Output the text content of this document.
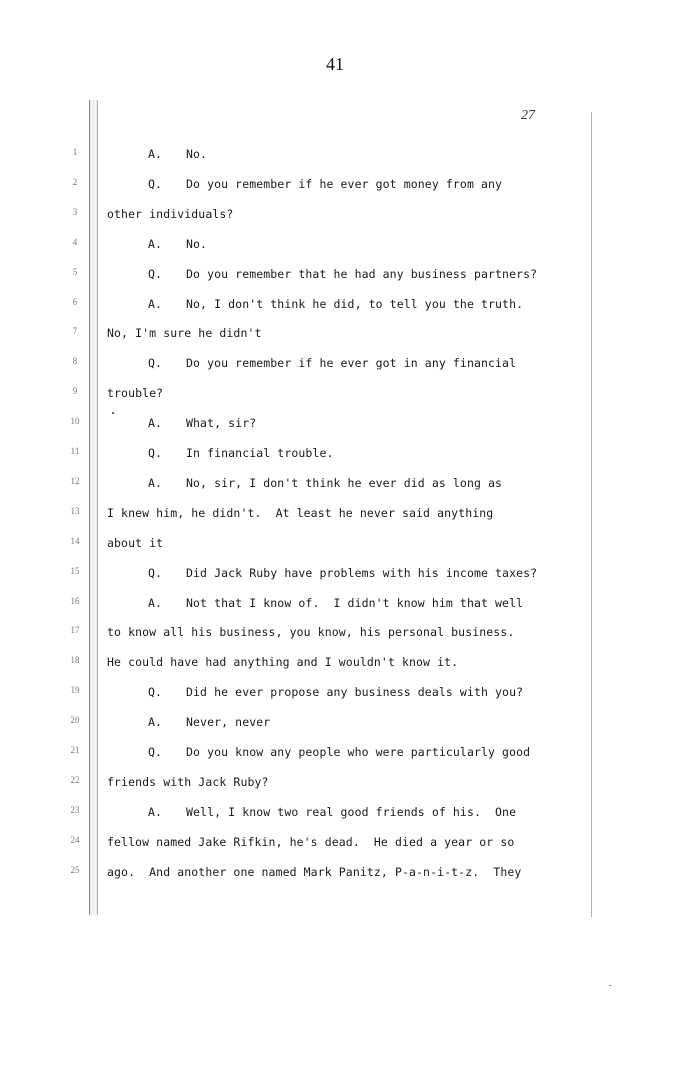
41
27
1
2
3
4
5
6
7
8
9
10
11
12
13
14
15
16
17
18
19
20
21
22
23
24
25
A. No.
Q. Do you remember if he ever got money from any
other individuals?
A. No.
Q. Do you remember that he had any business partners?
A. No, I don't think he did, to tell you the truth.
No, I'm sure he didn't
Q. Do you remember if he ever got in any financial
trouble?
A. What, sir?
Q. In financial trouble.
A. No, sir, I don't think he ever did as long as
I knew him, he didn't.  At least he never said anything
about it
Q. Did Jack Ruby have problems with his income taxes?
A. Not that I know of.  I didn't know him that well
to know all his business, you know, his personal business.
He could have had anything and I wouldn't know it.
Q. Did he ever propose any business deals with you?
A. Never, never
Q. Do you know any people who were particularly good
friends with Jack Ruby?
A. Well, I know two real good friends of his.  One
fellow named Jake Rifkin, he's dead.  He died a year or so
ago.  And another one named Mark Panitz, P-a-n-i-t-z.  They
